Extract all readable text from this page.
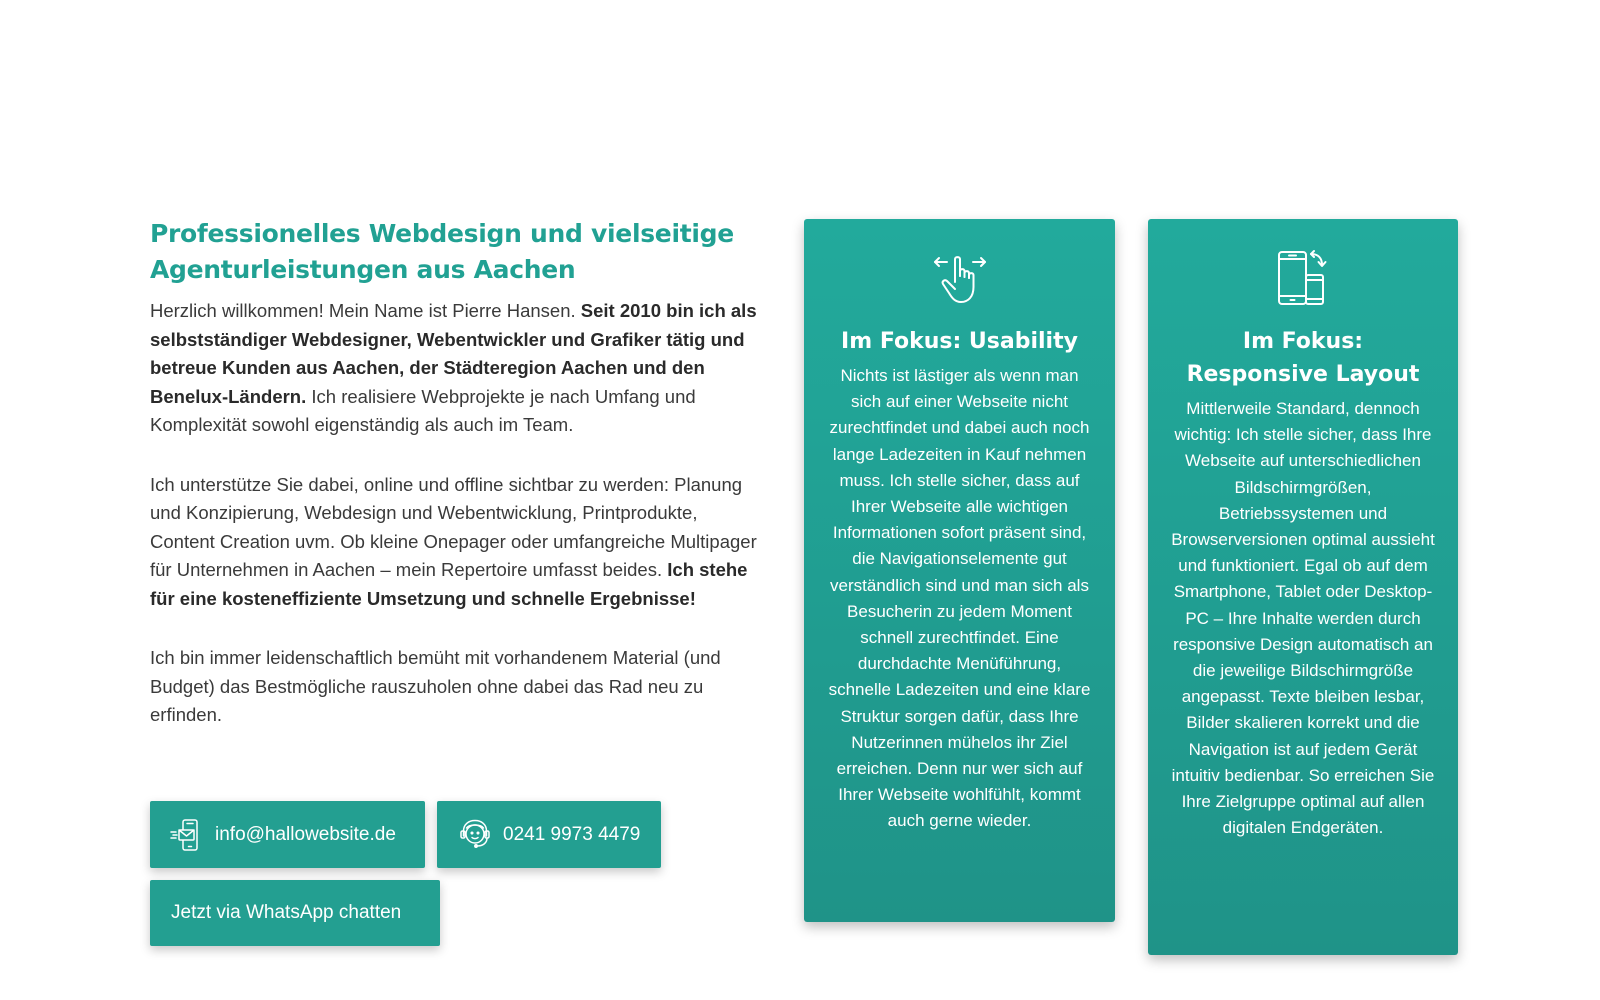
Professionelles Webdesign und vielseitige Agenturleistungen aus Aachen

Herzlich willkommen! Mein Name ist Pierre Hansen. Seit 2010 bin ich als selbstständiger Webdesigner, Webentwickler und Grafiker tätig und betreue Kunden aus Aachen, der Städteregion Aachen und den Benelux-Ländern. Ich realisiere Webprojekte je nach Umfang und Komplexität sowohl eigenständig als auch im Team.

Ich unterstütze Sie dabei, online und offline sichtbar zu werden: Planung und Konzipierung, Webdesign und Webentwicklung, Printprodukte, Content Creation uvm. Ob kleine Onepager oder umfangreiche Multipager für Unternehmen in Aachen – mein Repertoire umfasst beides. Ich stehe für eine kosteneffiziente Umsetzung und schnelle Ergebnisse!

Ich bin immer leidenschaftlich bemüht mit vorhandenem Material (und Budget) das Bestmögliche rauszuholen ohne dabei das Rad neu zu erfinden.

info@hallowebsite.de	0241 9973 4479
Jetzt via WhatsApp chatten
Im Fokus: Usability

Nichts ist lästiger als wenn man sich auf einer Webseite nicht zurechtfindet und dabei auch noch lange Ladezeiten in Kauf nehmen muss. Ich stelle sicher, dass auf Ihrer Webseite alle wichtigen Informationen sofort präsent sind, die Navigationselemente gut verständlich sind und man sich als Besucherin zu jedem Moment schnell zurechtfindet. Eine durchdachte Menüführung, schnelle Ladezeiten und eine klare Struktur sorgen dafür, dass Ihre Nutzerinnen mühelos ihr Ziel erreichen. Denn nur wer sich auf Ihrer Webseite wohlfühlt, kommt auch gerne wieder.

Im Fokus: Responsive Layout

Mittlerweile Standard, dennoch wichtig: Ich stelle sicher, dass Ihre Webseite auf unterschiedlichen Bildschirmgrößen, Betriebssystemen und Browserversionen optimal aussieht und funktioniert. Egal ob auf dem Smartphone, Tablet oder Desktop-PC – Ihre Inhalte werden durch responsive Design automatisch an die jeweilige Bildschirmgröße angepasst. Texte bleiben lesbar, Bilder skalieren korrekt und die Navigation ist auf jedem Gerät intuitiv bedienbar. So erreichen Sie Ihre Zielgruppe optimal auf allen digitalen Endgeräten.
